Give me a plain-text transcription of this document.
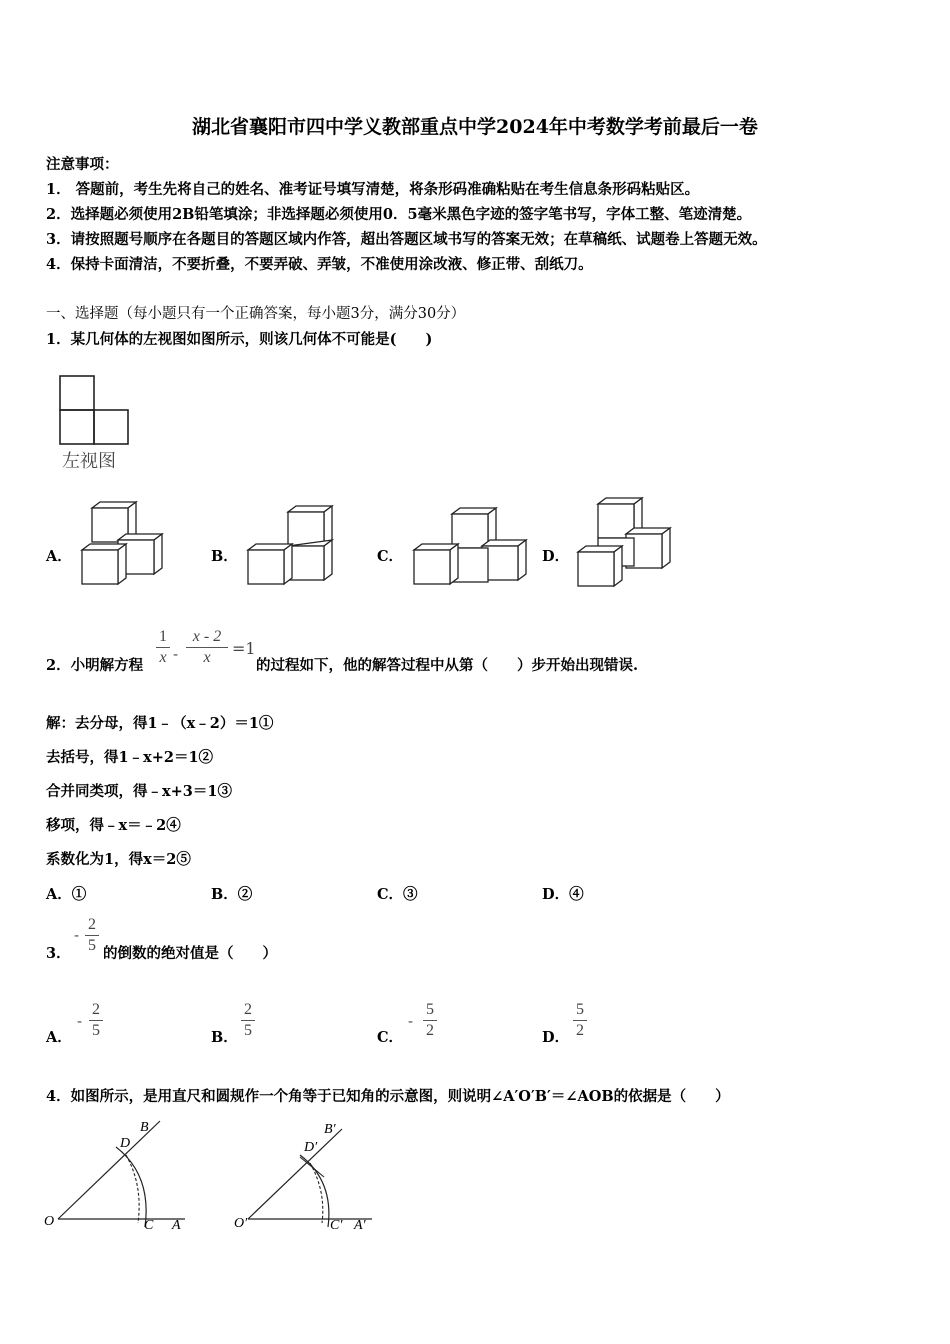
湖北省襄阳市四中学义教部重点中学2024年中考数学考前最后一卷
注意事项：
1． 答题前，考生先将自己的姓名、准考证号填写清楚，将条形码准确粘贴在考生信息条形码粘贴区。
2．选择题必须使用2B铅笔填涂；非选择题必须使用0．5毫米黑色字迹的签字笔书写，字体工整、笔迹清楚。
3．请按照题号顺序在各题目的答题区域内作答，超出答题区域书写的答案无效；在草稿纸、试题卷上答题无效。
4．保持卡面清洁，不要折叠，不要弄破、弄皱，不准使用涂改液、修正带、刮纸刀。
一、选择题（每小题只有一个正确答案，每小题3分，满分30分）
1．某几何体的左视图如图所示，则该几何体不可能是(　　)
左视图
A．	B．	C．	D．
2．小明解方程
1
x -
x - 2
x	=1
的过程如下，他的解答过程中从第（　　）步开始出现错误.
解：去分母，得1﹣（x﹣2）＝1①
去括号，得1﹣x+2＝1②
合并同类项，得﹣x+3＝1③
移项，得﹣x＝﹣2④
系数化为1，得x＝2⑤
A．①	B．②	C．③	D．④
3．
-
2
5 的倒数的绝对值是（　　）
A．
-
2
5	B．
2
5	C．
-
5
2	D．
5
2
4．如图所示，是用直尺和圆规作一个角等于已知角的示意图，则说明∠A′O′B′＝∠AOB的依据是（　　）
O	A
B
C
D
O′	A′
B′
C′
D′
